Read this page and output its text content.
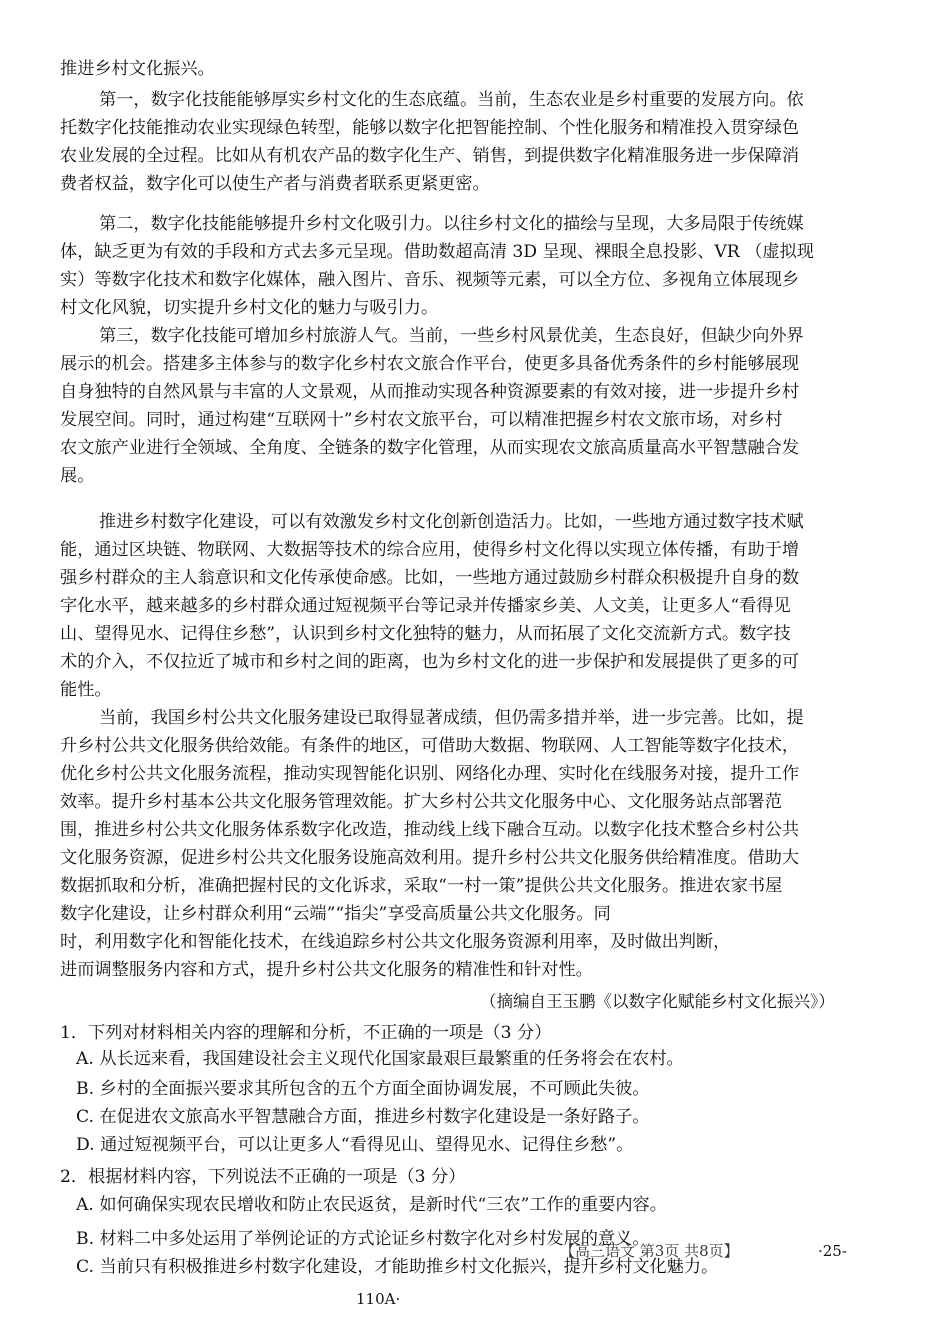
推进乡村文化振兴。
第一，数字化技能能够厚实乡村文化的生态底蕴。当前，生态农业是乡村重要的发展方向。依
托数字化技能推动农业实现绿色转型，能够以数字化把智能控制、个性化服务和精准投入贯穿绿色
农业发展的全过程。比如从有机农产品的数字化生产、销售，到提供数字化精准服务进一步保障消
费者权益，数字化可以使生产者与消费者联系更紧更密。
第二，数字化技能能够提升乡村文化吸引力。以往乡村文化的描绘与呈现，大多局限于传统媒
体，缺乏更为有效的手段和方式去多元呈现。借助数超高清 3D 呈现、裸眼全息投影、VR （虚拟现
实）等数字化技术和数字化媒体，融入图片、音乐、视频等元素，可以全方位、多视角立体展现乡
村文化风貌，切实提升乡村文化的魅力与吸引力。
第三，数字化技能可增加乡村旅游人气。当前，一些乡村风景优美，生态良好，但缺少向外界
展示的机会。搭建多主体参与的数字化乡村农文旅合作平台，使更多具备优秀条件的乡村能够展现
自身独特的自然风景与丰富的人文景观，从而推动实现各种资源要素的有效对接，进一步提升乡村
发展空间。同时，通过构建“互联网十”乡村农文旅平台，可以精准把握乡村农文旅市场，对乡村
农文旅产业进行全领域、全角度、全链条的数字化管理，从而实现农文旅高质量高水平智慧融合发
展。
推进乡村数字化建设，可以有效激发乡村文化创新创造活力。比如，一些地方通过数字技术赋
能，通过区块链、物联网、大数据等技术的综合应用，使得乡村文化得以实现立体传播，有助于增
强乡村群众的主人翁意识和文化传承使命感。比如，一些地方通过鼓励乡村群众积极提升自身的数
字化水平，越来越多的乡村群众通过短视频平台等记录并传播家乡美、人文美，让更多人“看得见
山、望得见水、记得住乡愁”，认识到乡村文化独特的魅力，从而拓展了文化交流新方式。数字技
术的介入，不仅拉近了城市和乡村之间的距离，也为乡村文化的进一步保护和发展提供了更多的可
能性。
当前，我国乡村公共文化服务建设已取得显著成绩，但仍需多措并举，进一步完善。比如，提
升乡村公共文化服务供给效能。有条件的地区，可借助大数据、物联网、人工智能等数字化技术，
优化乡村公共文化服务流程，推动实现智能化识别、网络化办理、实时化在线服务对接，提升工作
效率。提升乡村基本公共文化服务管理效能。扩大乡村公共文化服务中心、文化服务站点部署范
围，推进乡村公共文化服务体系数字化改造，推动线上线下融合互动。以数字化技术整合乡村公共
文化服务资源，促进乡村公共文化服务设施高效利用。提升乡村公共文化服务供给精准度。借助大
数据抓取和分析，准确把握村民的文化诉求，采取“一村一策”提供公共文化服务。推进农家书屋
数字化建设，让乡村群众利用“云端”“指尖”享受高质量公共文化服务。同
时，利用数字化和智能化技术，在线追踪乡村公共文化服务资源利用率，及时做出判断，
进而调整服务内容和方式，提升乡村公共文化服务的精准性和针对性。
（摘编自王玉鹏《以数字化赋能乡村文化振兴》）
1．下列对材料相关内容的理解和分析，不正确的一项是（3 分）
A. 从长远来看，我国建设社会主义现代化国家最艰巨最繁重的任务将会在农村。
B. 乡村的全面振兴要求其所包含的五个方面全面协调发展，不可顾此失彼。
C. 在促进农文旅高水平智慧融合方面，推进乡村数字化建设是一条好路子。
D. 通过短视频平台，可以让更多人“看得见山、望得见水、记得住乡愁”。
2．根据材料内容，下列说法不正确的一项是（3 分）
A. 如何确保实现农民增收和防止农民返贫，是新时代“三农”工作的重要内容。
B. 材料二中多处运用了举例论证的方式论证乡村数字化对乡村发展的意义。
C. 当前只有积极推进乡村数字化建设，才能助推乡村文化振兴，提升乡村文化魅力。
【高三语文 第3页 共8页】	·25-
110A·
